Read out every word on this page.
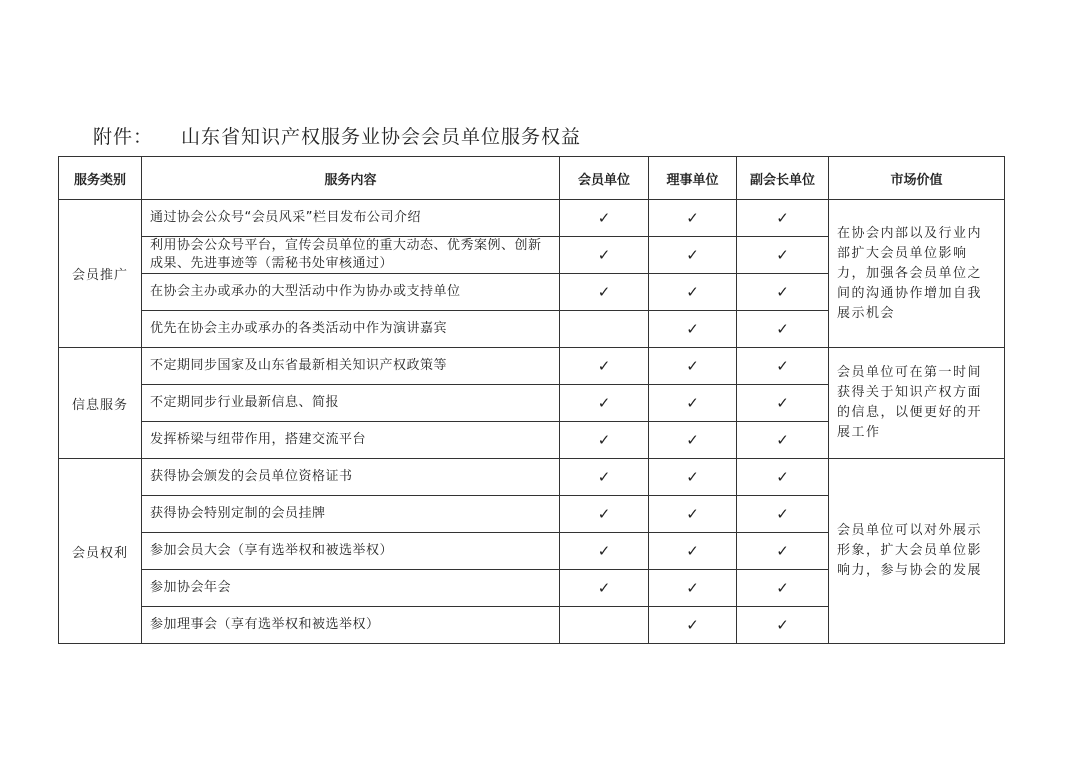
附件： 山东省知识产权服务业协会会员单位服务权益
服务类别	服务内容	会员单位	理事单位	副会长单位	市场价值
会员推广	通过协会公众号“会员风采”栏目发布公司介绍	✓	✓	✓	在协会内部以及行业内部扩大会员单位影响力，加强各会员单位之间的沟通协作增加自我展示机会
	利用协会公众号平台，宣传会员单位的重大动态、优秀案例、创新成果、先进事迹等（需秘书处审核通过）	✓	✓	✓	
	在协会主办或承办的大型活动中作为协办或支持单位	✓	✓	✓	
	优先在协会主办或承办的各类活动中作为演讲嘉宾		✓	✓	
信息服务	不定期同步国家及山东省最新相关知识产权政策等	✓	✓	✓	会员单位可在第一时间获得关于知识产权方面的信息，以便更好的开展工作
	不定期同步行业最新信息、简报	✓	✓	✓	
	发挥桥梁与纽带作用，搭建交流平台	✓	✓	✓	
会员权利	获得协会颁发的会员单位资格证书	✓	✓	✓	会员单位可以对外展示形象，扩大会员单位影响力，参与协会的发展
	获得协会特别定制的会员挂牌	✓	✓	✓	
	参加会员大会（享有选举权和被选举权）	✓	✓	✓	
	参加协会年会	✓	✓	✓	
	参加理事会（享有选举权和被选举权）		✓	✓	
